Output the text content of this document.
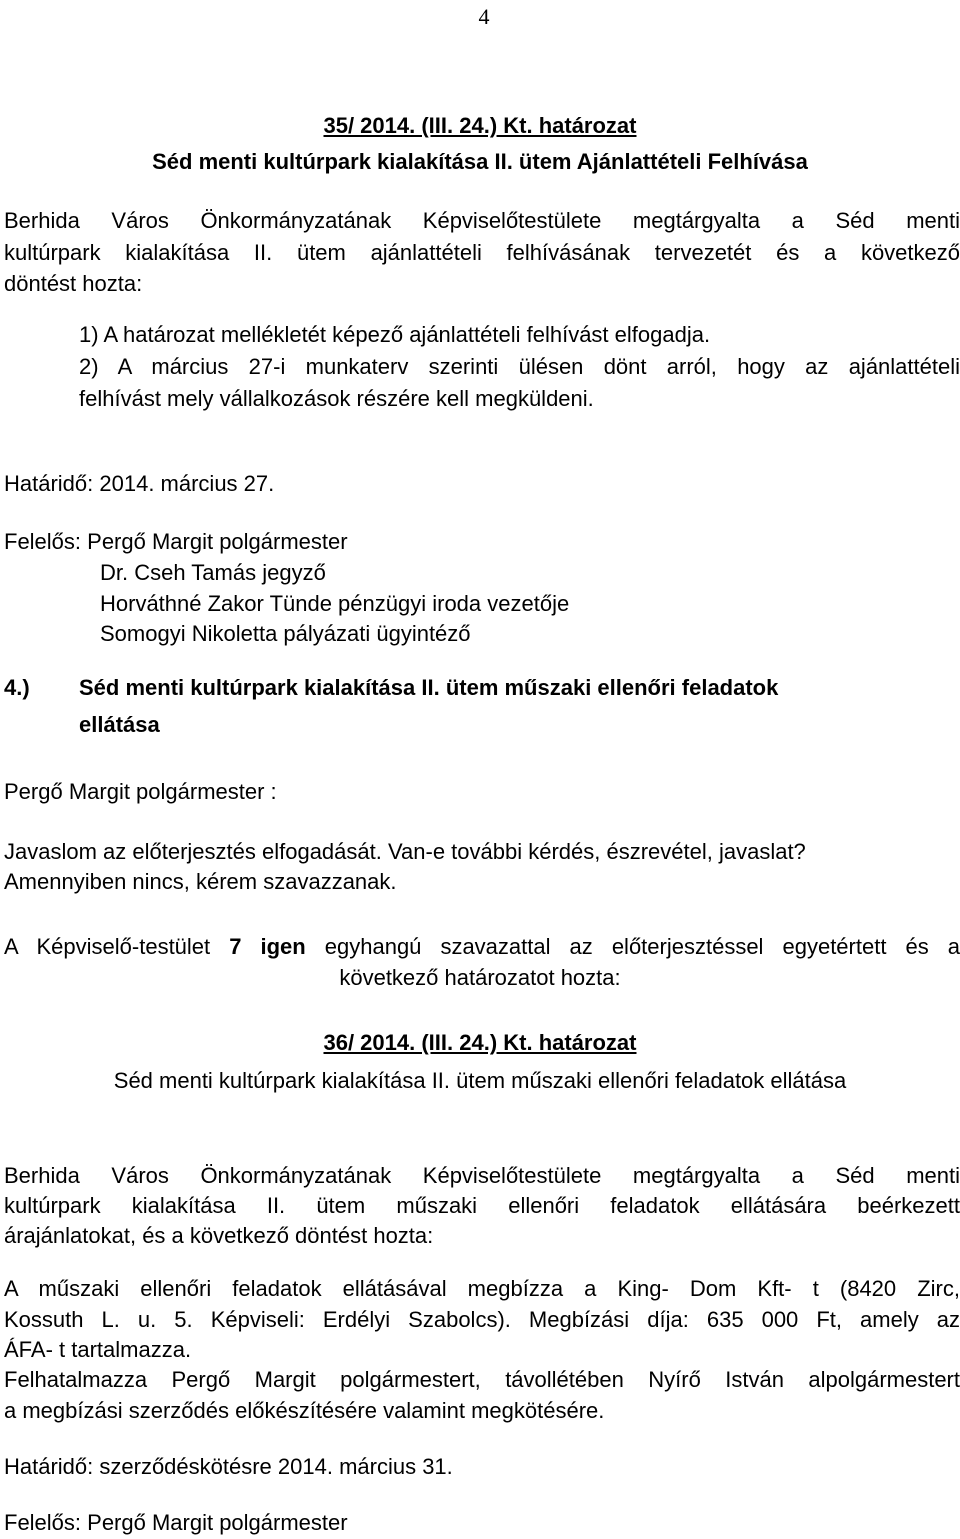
4
35/ 2014. (III. 24.) Kt. határozat
Séd menti kultúrpark kialakítása II. ütem Ajánlattételi Felhívása
Berhida Város Önkormányzatának Képviselőtestülete megtárgyalta a Séd menti
kultúrpark kialakítása II. ütem ajánlattételi felhívásának tervezetét és a következő
döntést hozta:
1) A határozat mellékletét képező ajánlattételi felhívást elfogadja.
2) A március 27-i munkaterv szerinti ülésen dönt arról, hogy az ajánlattételi
felhívást mely vállalkozások részére kell megküldeni.
Határidő: 2014. március 27.
Felelős: Pergő Margit polgármester
Dr. Cseh Tamás jegyző
Horváthné Zakor Tünde pénzügyi iroda vezetője
Somogyi Nikoletta pályázati ügyintéző
4.) Séd menti kultúrpark kialakítása II. ütem műszaki ellenőri feladatok
ellátása
Pergő Margit polgármester :
Javaslom az előterjesztés elfogadását. Van-e további kérdés, észrevétel, javaslat?
Amennyiben nincs, kérem szavazzanak.
A Képviselő-testület 7 igen egyhangú szavazattal az előterjesztéssel egyetértett és a
következő határozatot hozta:
36/ 2014. (III. 24.) Kt. határozat
Séd menti kultúrpark kialakítása II. ütem műszaki ellenőri feladatok ellátása
Berhida Város Önkormányzatának Képviselőtestülete megtárgyalta a Séd menti
kultúrpark kialakítása II. ütem műszaki ellenőri feladatok ellátására beérkezett
árajánlatokat, és a következő döntést hozta:
A műszaki ellenőri feladatok ellátásával megbízza a King- Dom Kft- t (8420 Zirc,
Kossuth L. u. 5. Képviseli: Erdélyi Szabolcs). Megbízási díja: 635 000 Ft, amely az
ÁFA- t tartalmazza.
Felhatalmazza Pergő Margit polgármestert, távollétében Nyírő István alpolgármestert
a megbízási szerződés előkészítésére valamint megkötésére.
Határidő: szerződéskötésre 2014. március 31.
Felelős: Pergő Margit polgármester
